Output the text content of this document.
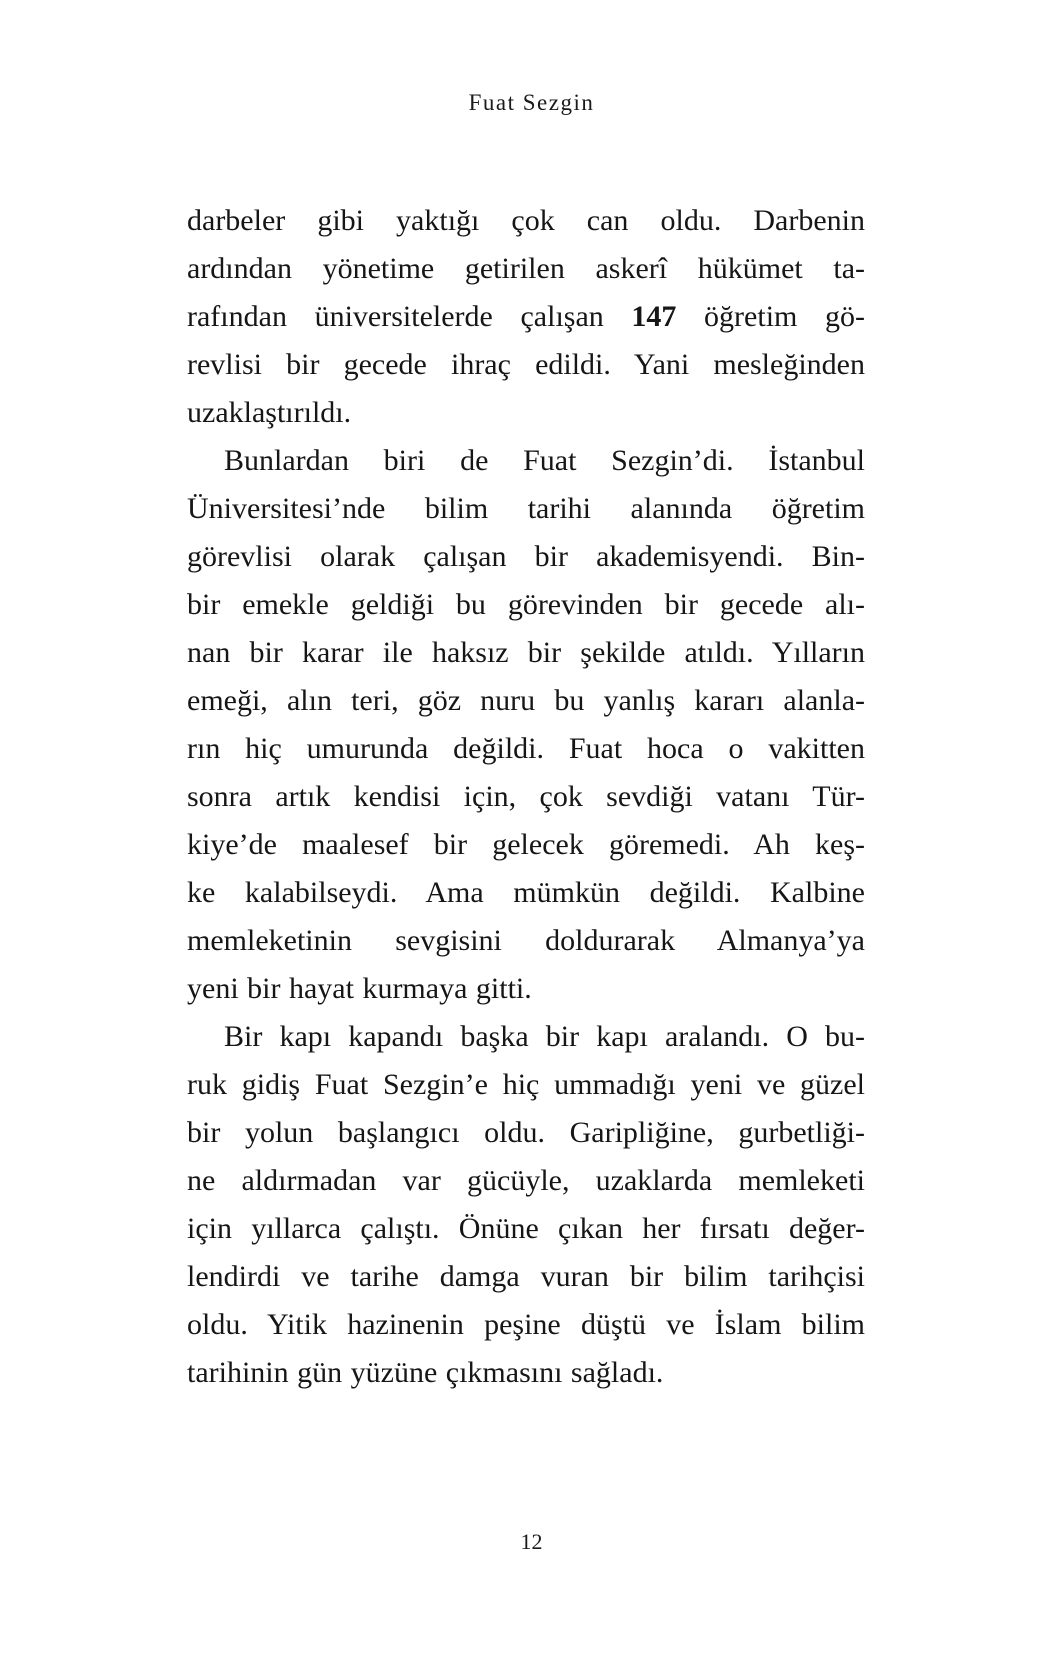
Fuat Sezgin
darbeler gibi yaktığı çok can oldu. Darbenin
ardından yönetime getirilen askerî hükümet ta-
rafından üniversitelerde çalışan 147 öğretim gö-
revlisi bir gecede ihraç edildi. Yani mesleğinden
uzaklaştırıldı.
Bunlardan biri de Fuat Sezgin’di. İstanbul
Üniversitesi’nde bilim tarihi alanında öğretim
görevlisi olarak çalışan bir akademisyendi. Bin-
bir emekle geldiği bu görevinden bir gecede alı-
nan bir karar ile haksız bir şekilde atıldı. Yılların
emeği, alın teri, göz nuru bu yanlış kararı alanla-
rın hiç umurunda değildi. Fuat hoca o vakitten
sonra artık kendisi için, çok sevdiği vatanı Tür-
kiye’de maalesef bir gelecek göremedi. Ah keş-
ke kalabilseydi. Ama mümkün değildi. Kalbine
memleketinin sevgisini doldurarak Almanya’ya
yeni bir hayat kurmaya gitti.
Bir kapı kapandı başka bir kapı aralandı. O bu-
ruk gidiş Fuat Sezgin’e hiç ummadığı yeni ve güzel
bir yolun başlangıcı oldu. Garipliğine, gurbetliği-
ne aldırmadan var gücüyle, uzaklarda memleketi
için yıllarca çalıştı. Önüne çıkan her fırsatı değer-
lendirdi ve tarihe damga vuran bir bilim tarihçisi
oldu. Yitik hazinenin peşine düştü ve İslam bilim
tarihinin gün yüzüne çıkmasını sağladı.
12
